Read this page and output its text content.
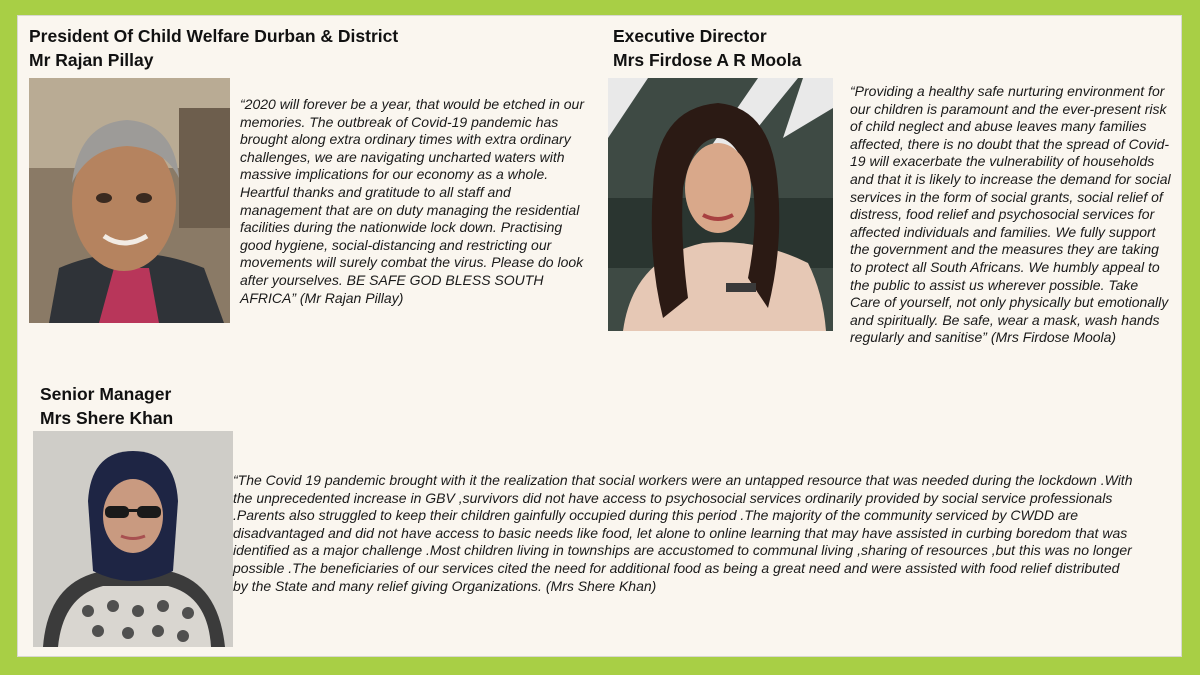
President Of Child Welfare Durban & District
Mr Rajan Pillay
“2020 will forever be a year, that would be etched in our memories. The outbreak of Covid-19 pandemic has brought along extra ordinary times with extra ordinary challenges, we are navigating uncharted waters with massive implications for our economy as a whole. Heartful thanks and gratitude to all staff and management that are on duty managing the residential facilities during the nationwide lock down. Practising good hygiene, social-distancing and restricting our movements will surely combat the virus. Please do look after yourselves. BE SAFE GOD BLESS SOUTH AFRICA” (Mr Rajan Pillay)
Executive Director
Mrs Firdose A R Moola
“Providing a healthy safe nurturing environment for our children is paramount and the ever-present risk of child neglect and abuse leaves many families affected, there is no doubt that the spread of Covid-19 will exacerbate the vulnerability of households and that it is likely to increase the demand for social services in the form of social grants, social relief of distress, food relief and psychosocial services for affected individuals and families. We fully support the government and the measures they are taking to protect all South Africans. We humbly appeal to the public to assist us wherever possible. Take Care of yourself, not only physically but emotionally and spiritually. Be safe, wear a mask, wash hands regularly and sanitise” (Mrs Firdose Moola)
Senior Manager
Mrs Shere Khan
“The Covid 19 pandemic brought with it the realization that social workers were an untapped resource that was needed during the lockdown .With the unprecedented increase in GBV ,survivors did not have access to psychosocial services ordinarily provided by social service professionals .Parents also struggled to keep their children gainfully occupied during this period .The majority of the community serviced by CWDD are disadvantaged and did not have access to basic needs like food, let alone to online learning that may have assisted in curbing boredom that was identified as a major challenge .Most children living in townships are accustomed to communal living ,sharing of resources ,but this was no longer possible .The beneficiaries of our services cited the need for additional food as being a great need and were assisted with food relief distributed by the State and many relief giving Organizations. (Mrs Shere Khan)
